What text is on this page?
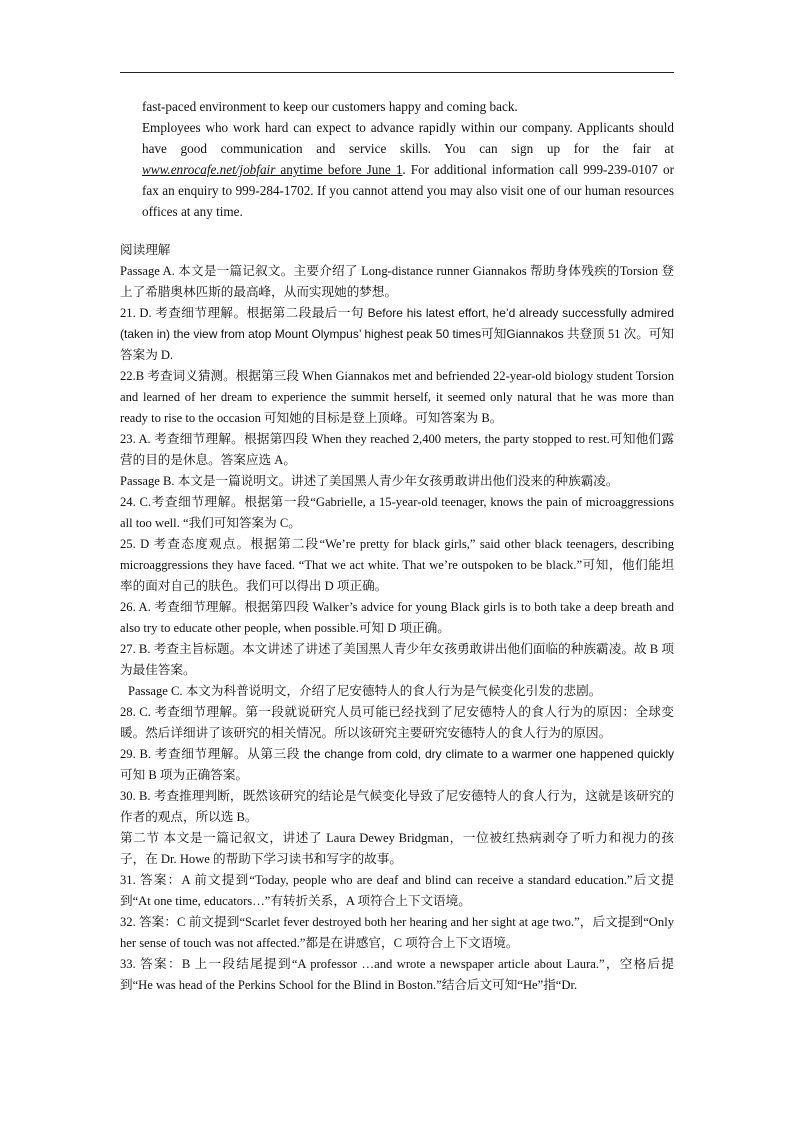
fast-paced environment to keep our customers happy and coming back.

Employees who work hard can expect to advance rapidly within our company. Applicants should have good communication and service skills. You can sign up for the fair at www.enrocafe.net/jobfair anytime before June 1. For additional information call 999-239-0107 or fax an enquiry to 999-284-1702. If you cannot attend you may also visit one of our human resources offices at any time.

阅读理解

Passage A. 本文是一篇记叙文。主要介绍了 Long-distance runner Giannakos 帮助身体残疾的Torsion 登上了希腊奥林匹斯的最高峰，从而实现她的梦想。

21. D. 考查细节理解。根据第二段最后一句 Before his latest effort, he’d already successfully admired (taken in) the view from atop Mount Olympus’ highest peak 50 times可知Giannakos 共登顶 51 次。可知答案为 D.

22.B 考查词义猜测。根据第三段 When Giannakos met and befriended 22-year-old biology student Torsion and learned of her dream to experience the summit herself, it seemed only natural that he was more than ready to rise to the occasion 可知她的目标是登上顶峰。可知答案为 B。

23. A. 考查细节理解。根据第四段 When they reached 2,400 meters, the party stopped to rest.可知他们露营的目的是休息。答案应选 A。

Passage B. 本文是一篇说明文。讲述了美国黑人青少年女孩勇敢讲出他们没来的种族霸凌。

24. C.考查细节理解。根据第一段“Gabrielle, a 15-year-old teenager, knows the pain of microaggressions all too well. “我们可知答案为 C。

25. D 考查态度观点。根据第二段“We’re pretty for black girls,” said other black teenagers, describing microaggressions they have faced. “That we act white. That we’re outspoken to be black.”可知，他们能坦率的面对自己的肤色。我们可以得出 D 项正确。

26. A. 考查细节理解。根据第四段 Walker’s advice for young Black girls is to both take a deep breath and also try to educate other people, when possible.可知 D 项正确。

27. B. 考查主旨标题。本文讲述了讲述了美国黑人青少年女孩勇敢讲出他们面临的种族霸凌。故 B 项为最佳答案。

Passage C. 本文为科普说明文，介绍了尼安德特人的食人行为是气候变化引发的悲剧。

28. C. 考查细节理解。第一段就说研究人员可能已经找到了尼安德特人的食人行为的原因：全球变暖。然后详细讲了该研究的相关情况。所以该研究主要研究安德特人的食人行为的原因。

29. B. 考查细节理解。从第三段 the change from cold, dry climate to a warmer one happened quickly 可知 B 项为正确答案。

30. B. 考查推理判断，既然该研究的结论是气候变化导致了尼安德特人的食人行为，这就是该研究的作者的观点，所以选 B。

第二节 本文是一篇记叙文，讲述了 Laura Dewey Bridgman，一位被红热病剥夺了听力和视力的孩子，在 Dr. Howe 的帮助下学习读书和写字的故事。

31. 答案：A 前文提到“Today, people who are deaf and blind can receive a standard education.”后文提到“At one time, educators…”有转折关系，A 项符合上下文语境。

32. 答案：C 前文提到“Scarlet fever destroyed both her hearing and her sight at age two.”，后文提到“Only her sense of touch was not affected.”都是在讲感官，C 项符合上下文语境。

33. 答案：B 上一段结尾提到“A professor …and wrote a newspaper article about Laura.”，空格后提到“He was head of the Perkins School for the Blind in Boston.”结合后文可知“He”指“Dr.
